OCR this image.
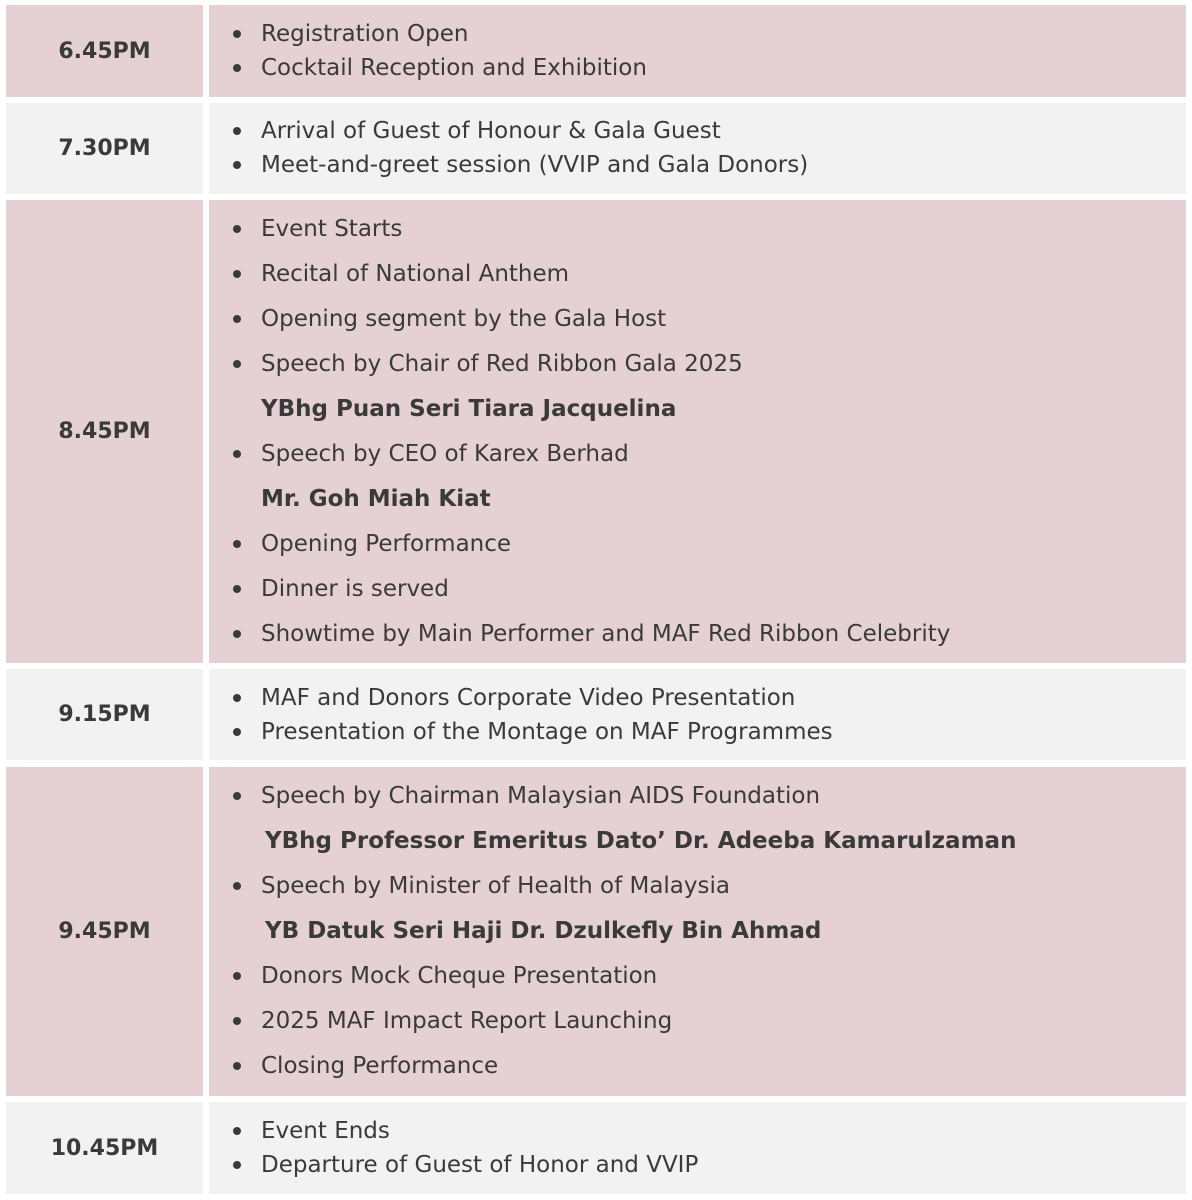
6.45PM
Registration Open
Cocktail Reception and Exhibition
7.30PM
Arrival of Guest of Honour & Gala Guest
Meet-and-greet session (VVIP and Gala Donors)
8.45PM
Event Starts
Recital of National Anthem
Opening segment by the Gala Host
Speech by Chair of Red Ribbon Gala 2025
YBhg Puan Seri Tiara Jacquelina
Speech by CEO of Karex Berhad
Mr. Goh Miah Kiat
Opening Performance
Dinner is served
Showtime by Main Performer and MAF Red Ribbon Celebrity
9.15PM
MAF and Donors Corporate Video Presentation
Presentation of the Montage on MAF Programmes
9.45PM
Speech by Chairman Malaysian AIDS Foundation
YBhg Professor Emeritus Dato’ Dr. Adeeba Kamarulzaman
Speech by Minister of Health of Malaysia
YB Datuk Seri Haji Dr. Dzulkefly Bin Ahmad
Donors Mock Cheque Presentation
2025 MAF Impact Report Launching
Closing Performance
10.45PM
Event Ends
Departure of Guest of Honor and VVIP
